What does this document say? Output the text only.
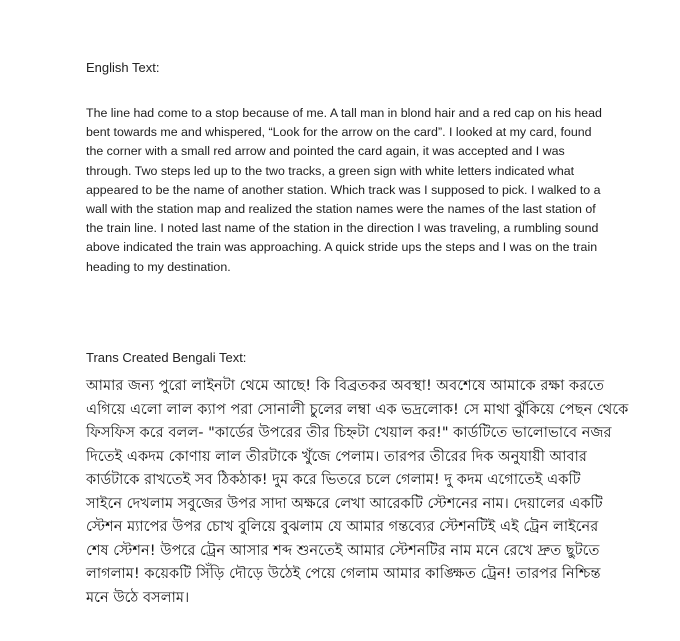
English Text:
The line had come to a stop because of me. A tall man in blond hair and a red cap on his head
bent towards me and whispered, “Look for the arrow on the card”. I looked at my card, found
the corner with a small red arrow and pointed the card again, it was accepted and I was
through. Two steps led up to the two tracks, a green sign with white letters indicated what
appeared to be the name of another station. Which track was I supposed to pick. I walked to a
wall with the station map and realized the station names were the names of the last station of
the train line. I noted last name of the station in the direction I was traveling, a rumbling sound
above indicated the train was approaching. A quick stride ups the steps and I was on the train
heading to my destination.
Trans Created Bengali Text:
আমার জন্য পুরো লাইনটা থেমে আছে! কি বিব্রতকর অবস্থা! অবশেষে আমাকে রক্ষা করতে
এগিয়ে এলো লাল ক্যাপ পরা সোনালী চুলের লম্বা এক ভদ্রলোক! সে মাথা ঝুঁকিয়ে পেছন থেকে
ফিসফিস করে বলল- "কার্ডের উপরের তীর চিহ্নটা খেয়াল কর!" কার্ডটিতে ভালোভাবে নজর
দিতেই একদম কোণায় লাল তীরটাকে খুঁজে পেলাম। তারপর তীরের দিক অনুযায়ী আবার
কার্ডটাকে রাখতেই সব ঠিকঠাক! দুম করে ভিতরে চলে গেলাম! দু কদম এগোতেই একটি
সাইনে দেখলাম সবুজের উপর সাদা অক্ষরে লেখা আরেকটি স্টেশনের নাম। দেয়ালের একটি
স্টেশন ম্যাপের উপর চোখ বুলিয়ে বুঝলাম যে আমার গন্তব্যের স্টেশনটিই এই ট্রেন লাইনের
শেষ স্টেশন! উপরে ট্রেন আসার শব্দ শুনতেই আমার স্টেশনটির নাম মনে রেখে দ্রুত ছুটতে
লাগলাম! কয়েকটি সিঁড়ি দৌড়ে উঠেই পেয়ে গেলাম আমার কাঙ্ক্ষিত ট্রেন! তারপর নিশ্চিন্ত
মনে উঠে বসলাম।
